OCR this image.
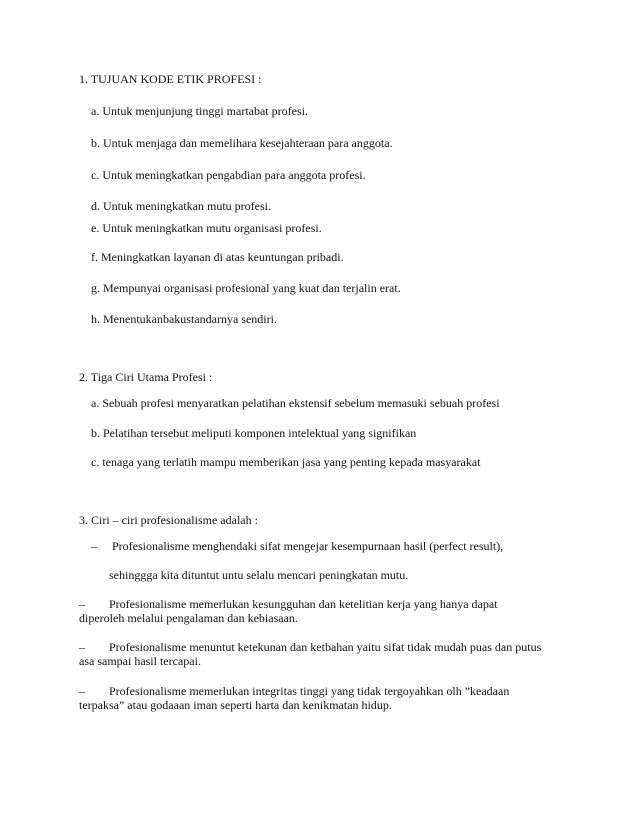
1. TUJUAN KODE ETIK PROFESI :
a. Untuk menjunjung tinggi martabat profesi.
b. Untuk menjaga dan memelihara kesejahteraan para anggota.
c. Untuk meningkatkan pengabdian para anggota profesi.
d. Untuk meningkatkan mutu profesi.
e. Untuk meningkatkan mutu organisasi profesi.
f. Meningkatkan layanan di atas keuntungan pribadi.
g. Mempunyai organisasi profesional yang kuat dan terjalin erat.
h. Menentukanbakustandarnya sendiri.
2. Tiga Ciri Utama Profesi :
a. Sebuah profesi menyaratkan pelatihan ekstensif sebelum memasuki sebuah profesi
b. Pelatihan tersebut meliputi komponen intelektual yang signifikan
c. tenaga yang terlatih mampu memberikan jasa yang penting kepada masyarakat
3. Ciri – ciri profesionalisme adalah :
– Profesionalisme menghendaki sifat mengejar kesempurnaan hasil (perfect result),
sehinggga kita dituntut untu selalu mencari peningkatan mutu.
– Profesionalisme memerlukan kesungguhan dan ketelitian kerja yang hanya dapat
diperoleh melalui pengalaman dan kebiasaan.
– Profesionalisme menuntut ketekunan dan ketbahan yaitu sifat tidak mudah puas dan putus
asa sampai hasil tercapai.
– Profesionalisme memerlukan integritas tinggi yang tidak tergoyahkan olh ”keadaan
terpaksa” atau godaaan iman seperti harta dan kenikmatan hidup.
